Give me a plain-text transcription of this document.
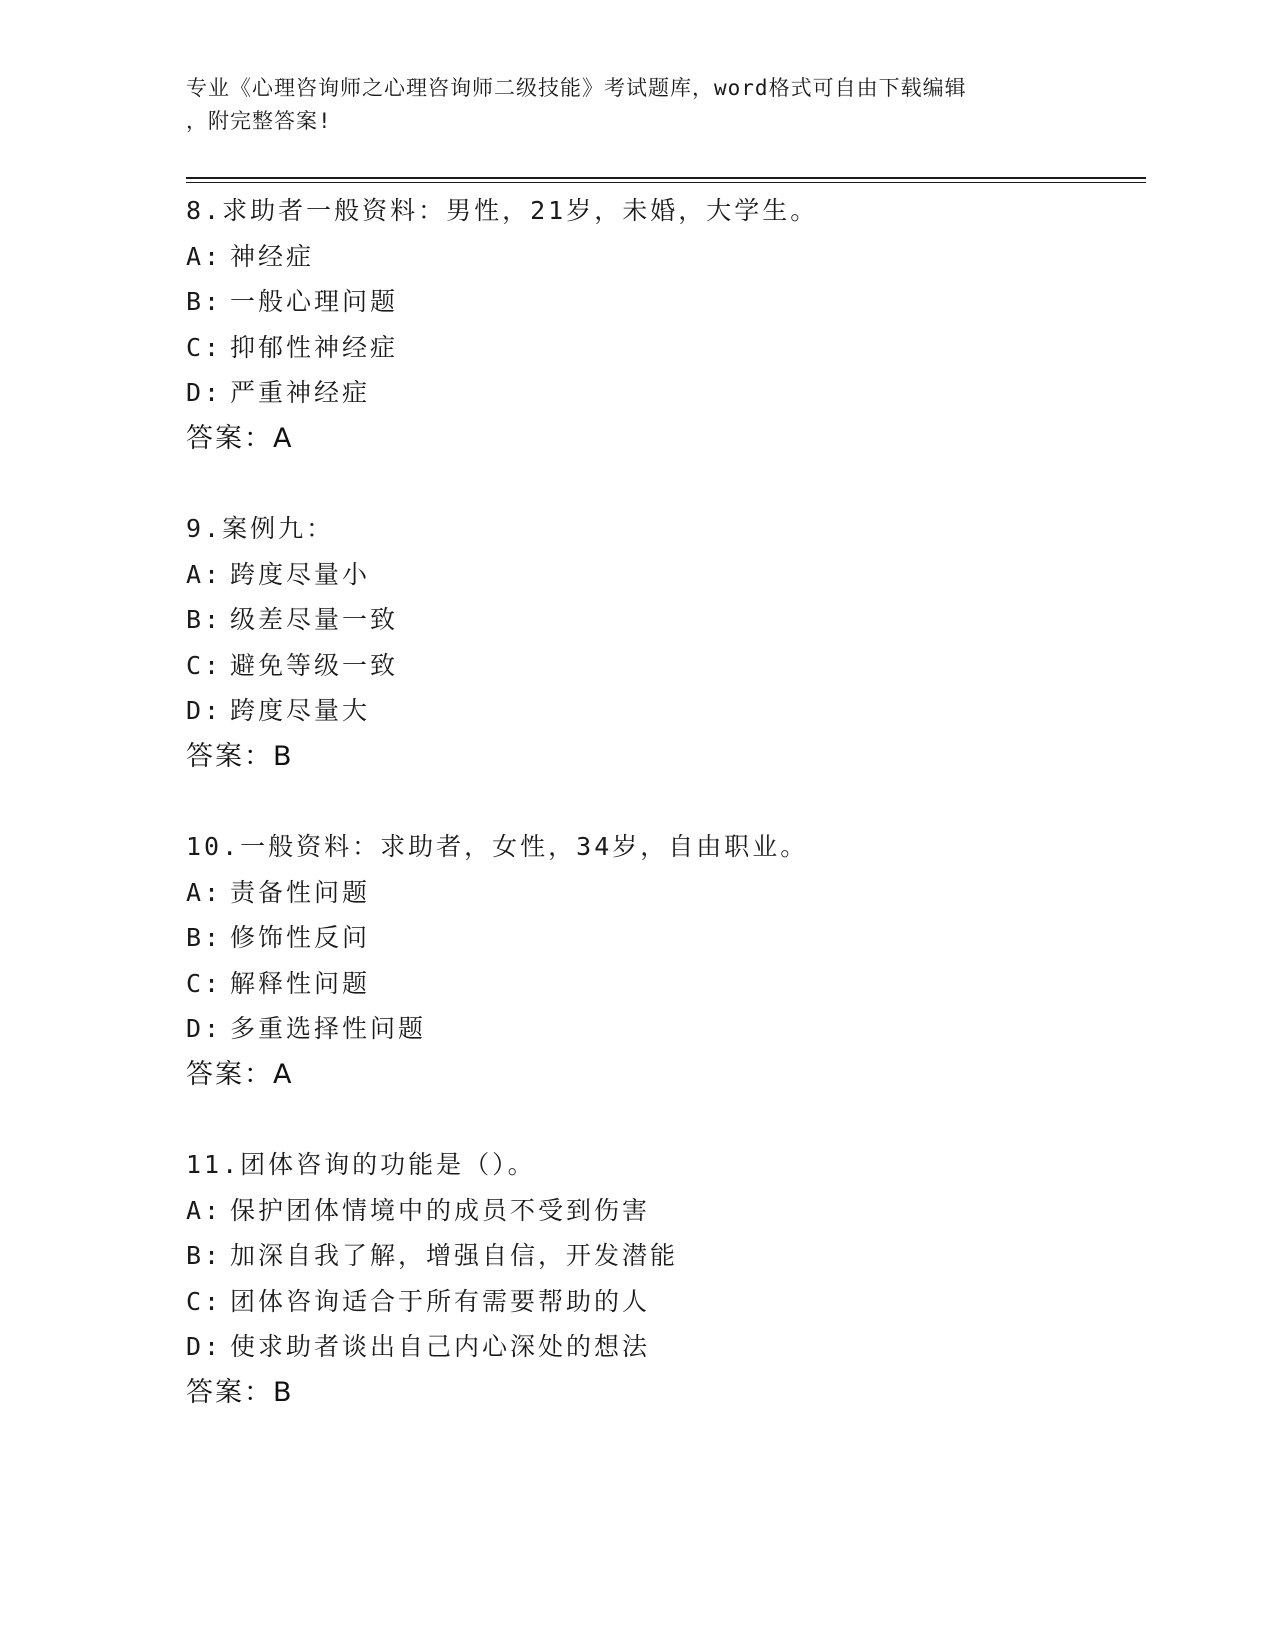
专业《心理咨询师之心理咨询师二级技能》考试题库，word格式可自由下载编辑
，附完整答案!
8.求助者一般资料：男性，21岁，未婚，大学生。
A: 神经症
B: 一般心理问题
C: 抑郁性神经症
D: 严重神经症
答案：A
9.案例九：
A: 跨度尽量小
B: 级差尽量一致
C: 避免等级一致
D: 跨度尽量大
答案：B
10.一般资料：求助者，女性，34岁，自由职业。
A: 责备性问题
B: 修饰性反问
C: 解释性问题
D: 多重选择性问题
答案：A
11.团体咨询的功能是（）。
A: 保护团体情境中的成员不受到伤害
B: 加深自我了解，增强自信，开发潜能
C: 团体咨询适合于所有需要帮助的人
D: 使求助者谈出自己内心深处的想法
答案：B
